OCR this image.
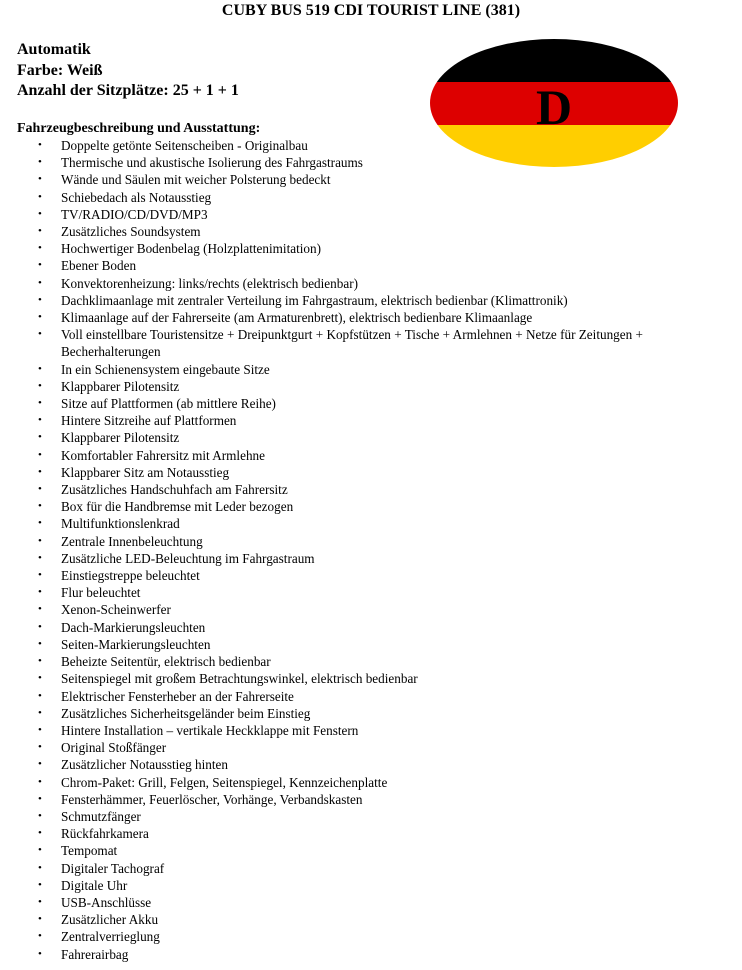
CUBY BUS 519 CDI TOURIST LINE (381)
Automatik
Farbe: Weiß
Anzahl der Sitzplätze: 25 + 1 + 1	D
Fahrzeugbeschreibung und Ausstattung:
• Doppelte getönte Seitenscheiben - Originalbau
• Thermische und akustische Isolierung des Fahrgastraums
• Wände und Säulen mit weicher Polsterung bedeckt
• Schiebedach als Notausstieg
• TV/RADIO/CD/DVD/MP3
• Zusätzliches Soundsystem
• Hochwertiger Bodenbelag (Holzplattenimitation)
• Ebener Boden
• Konvektorenheizung: links/rechts (elektrisch bedienbar)
• Dachklimaanlage mit zentraler Verteilung im Fahrgastraum, elektrisch bedienbar (Klimattronik)
• Klimaanlage auf der Fahrerseite (am Armaturenbrett), elektrisch bedienbare Klimaanlage
• Voll einstellbare Touristensitze + Dreipunktgurt + Kopfstützen + Tische + Armlehnen + Netze für Zeitungen + Becherhalterungen
• In ein Schienensystem eingebaute Sitze
• Klappbarer Pilotensitz
• Sitze auf Plattformen (ab mittlere Reihe)
• Hintere Sitzreihe auf Plattformen
• Klappbarer Pilotensitz
• Komfortabler Fahrersitz mit Armlehne
• Klappbarer Sitz am Notausstieg
• Zusätzliches Handschuhfach am Fahrersitz
• Box für die Handbremse mit Leder bezogen
• Multifunktionslenkrad
• Zentrale Innenbeleuchtung
• Zusätzliche LED-Beleuchtung im Fahrgastraum
• Einstiegstreppe beleuchtet
• Flur beleuchtet
• Xenon-Scheinwerfer
• Dach-Markierungsleuchten
• Seiten-Markierungsleuchten
• Beheizte Seitentür, elektrisch bedienbar
• Seitenspiegel mit großem Betrachtungswinkel, elektrisch bedienbar
• Elektrischer Fensterheber an der Fahrerseite
• Zusätzliches Sicherheitsgeländer beim Einstieg
• Hintere Installation – vertikale Heckklappe mit Fenstern
• Original Stoßfänger
• Zusätzlicher Notausstieg hinten
• Chrom-Paket: Grill, Felgen, Seitenspiegel, Kennzeichenplatte
• Fensterhämmer, Feuerlöscher, Vorhänge, Verbandskasten
• Schmutzfänger
• Rückfahrkamera
• Tempomat
• Digitaler Tachograf
• Digitale Uhr
• USB-Anschlüsse
• Zusätzlicher Akku
• Zentralverrieglung
• Fahrerairbag
